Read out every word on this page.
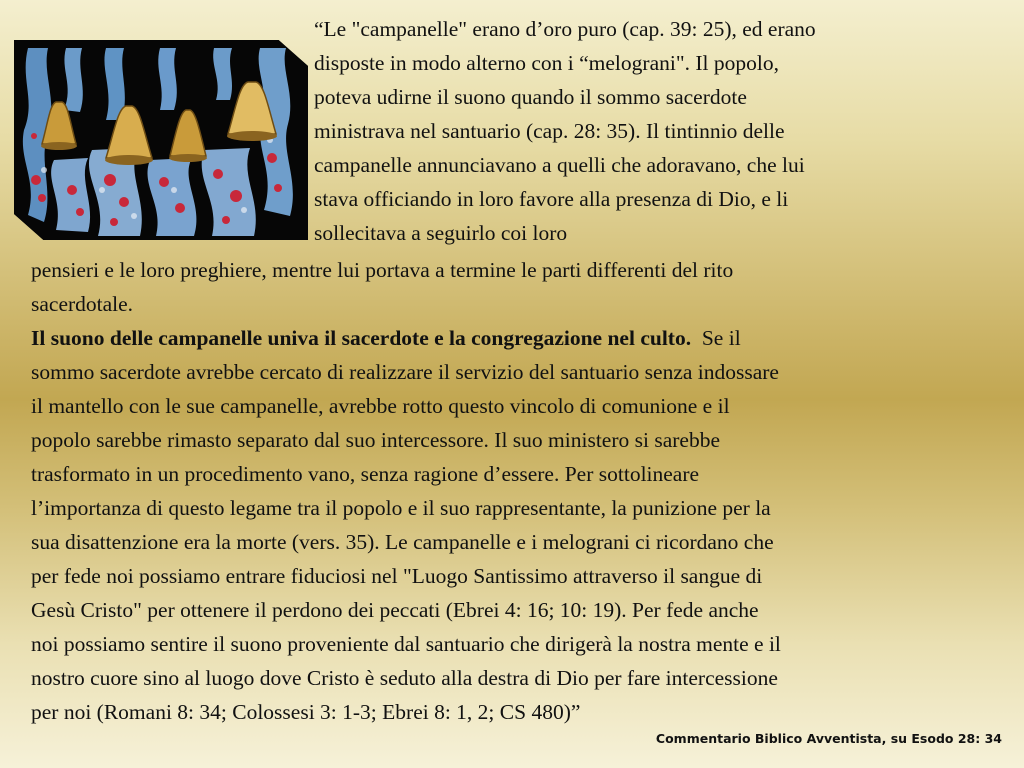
“Le "campanelle" erano d’oro puro (cap. 39: 25), ed erano
disposte in modo alterno con i “melograni". Il popolo,
poteva udirne il suono quando il sommo sacerdote
ministrava nel santuario (cap. 28: 35). Il tintinnio delle
campanelle annunciavano a quelli che adoravano, che lui
stava officiando in loro favore alla presenza di Dio, e li
sollecitava a seguirlo coi loro
pensieri e le loro preghiere, mentre lui portava a termine le parti differenti del rito
sacerdotale.
Il suono delle campanelle univa il sacerdote e la congregazione nel culto.  Se il
sommo sacerdote avrebbe cercato di realizzare il servizio del santuario senza indossare
il mantello con le sue campanelle, avrebbe rotto questo vincolo di comunione e il
popolo sarebbe rimasto separato dal suo intercessore. Il suo ministero si sarebbe
trasformato in un procedimento vano, senza ragione d’essere. Per sottolineare
l’importanza di questo legame tra il popolo e il suo rappresentante, la punizione per la
sua disattenzione era la morte (vers. 35). Le campanelle e i melograni ci ricordano che
per fede noi possiamo entrare fiduciosi nel "Luogo Santissimo attraverso il sangue di
Gesù Cristo" per ottenere il perdono dei peccati (Ebrei 4: 16; 10: 19). Per fede anche
noi possiamo sentire il suono proveniente dal santuario che dirigerà la nostra mente e il
nostro cuore sino al luogo dove Cristo è seduto alla destra di Dio per fare intercessione
per noi (Romani 8: 34; Colossesi 3: 1-3; Ebrei 8: 1, 2; CS 480)”

Commentario Biblico Avventista, su Esodo 28: 34
